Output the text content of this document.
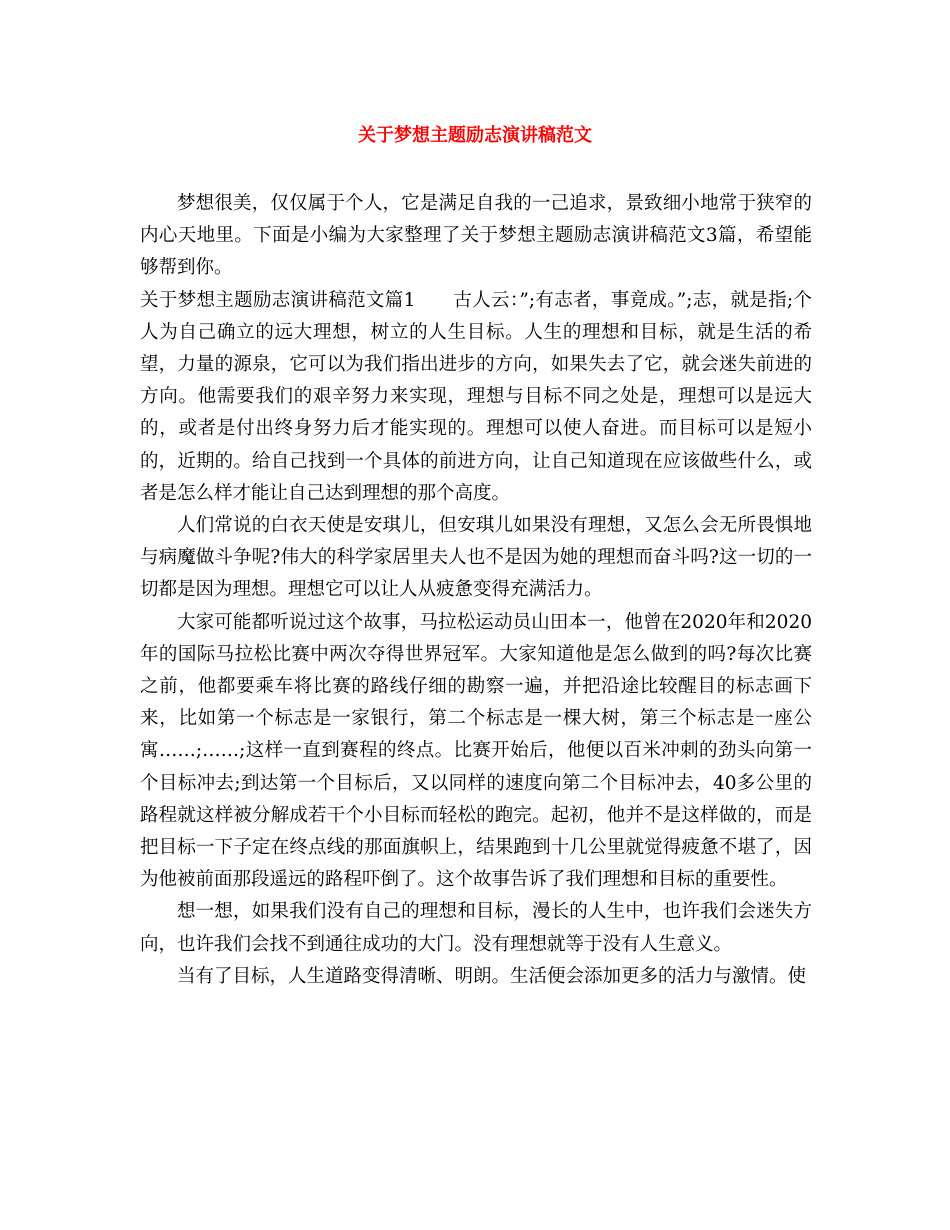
关于梦想主题励志演讲稿范文

梦想很美，仅仅属于个人，它是满足自我的一己追求，景致细小地常于狭窄的内心天地里。下面是小编为大家整理了关于梦想主题励志演讲稿范文3篇，希望能够帮到你。

关于梦想主题励志演讲稿范文篇1　　古人云：”;有志者，事竟成。”;志，就是指;个人为自己确立的远大理想，树立的人生目标。人生的理想和目标，就是生活的希望，力量的源泉，它可以为我们指出进步的方向，如果失去了它，就会迷失前进的方向。他需要我们的艰辛努力来实现，理想与目标不同之处是，理想可以是远大的，或者是付出终身努力后才能实现的。理想可以使人奋进。而目标可以是短小的，近期的。给自己找到一个具体的前进方向，让自己知道现在应该做些什么，或者是怎么样才能让自己达到理想的那个高度。

人们常说的白衣天使是安琪儿，但安琪儿如果没有理想，又怎么会无所畏惧地与病魔做斗争呢?伟大的科学家居里夫人也不是因为她的理想而奋斗吗?这一切的一切都是因为理想。理想它可以让人从疲惫变得充满活力。

大家可能都听说过这个故事，马拉松运动员山田本一，他曾在2020年和2020年的国际马拉松比赛中两次夺得世界冠军。大家知道他是怎么做到的吗?每次比赛之前，他都要乘车将比赛的路线仔细的勘察一遍，并把沿途比较醒目的标志画下来，比如第一个标志是一家银行，第二个标志是一棵大树，第三个标志是一座公寓……;……;这样一直到赛程的终点。比赛开始后，他便以百米冲刺的劲头向第一个目标冲去;到达第一个目标后，又以同样的速度向第二个目标冲去，40多公里的路程就这样被分解成若干个小目标而轻松的跑完。起初，他并不是这样做的，而是把目标一下子定在终点线的那面旗帜上，结果跑到十几公里就觉得疲惫不堪了，因为他被前面那段遥远的路程吓倒了。这个故事告诉了我们理想和目标的重要性。

想一想，如果我们没有自己的理想和目标，漫长的人生中，也许我们会迷失方向，也许我们会找不到通往成功的大门。没有理想就等于没有人生意义。

当有了目标，人生道路变得清晰、明朗。生活便会添加更多的活力与激情。使
